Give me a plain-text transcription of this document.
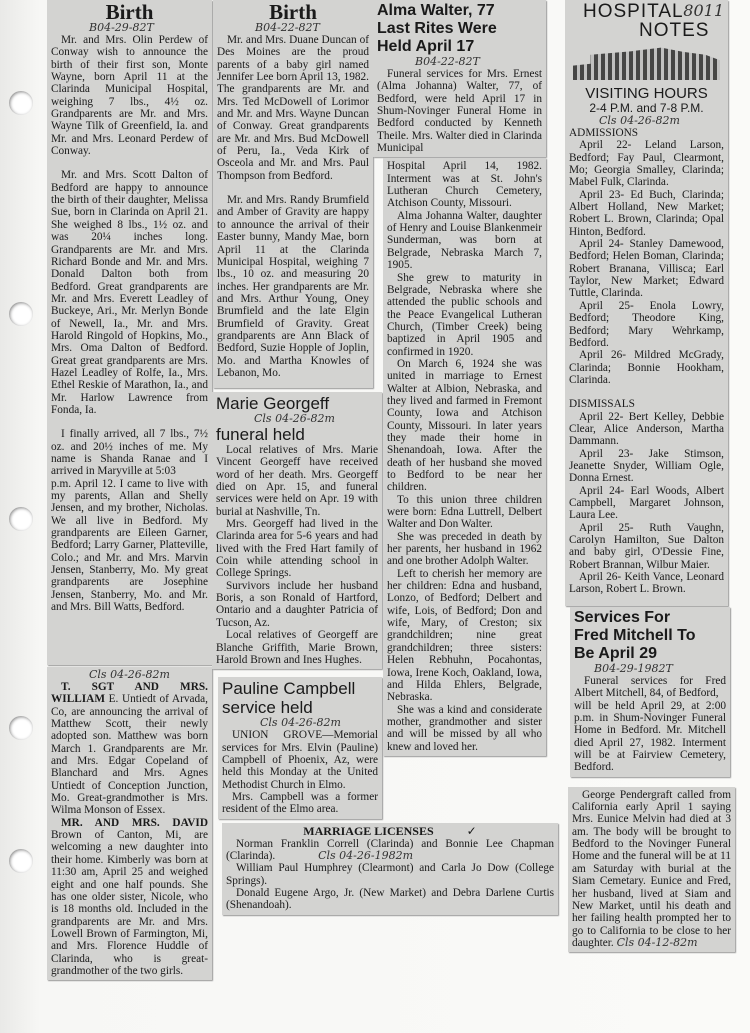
Birth
B04-29-82T

Mr. and Mrs. Olin Perdew of Conway wish to announce the birth of their first son, Monte Wayne, born April 11 at the Clarinda Municipal Hospital, weighing 7 lbs., 4½ oz. Grandparents are Mr. and Mrs. Wayne Tilk of Greenfield, Ia. and Mr. and Mrs. Leonard Perdew of Conway.

Mr. and Mrs. Scott Dalton of Bedford are happy to announce the birth of their daughter, Melissa Sue, born in Clarinda on April 21. She weighed 8 lbs., 1½ oz. and was 20¼ inches long. Grandparents are Mr. and Mrs. Richard Bonde and Mr. and Mrs. Donald Dalton both from Bedford. Great grandparents are Mr. and Mrs. Everett Leadley of Buckeye, Ari., Mr. Merlyn Bonde of Newell, Ia., Mr. and Mrs. Harold Ringold of Hopkins, Mo., Mrs. Oma Dalton of Bedford. Great great grandparents are Mrs. Hazel Leadley of Rolfe, Ia., Mrs. Ethel Reskie of Marathon, Ia., and Mr. Harlow Lawrence from Fonda, Ia.

I finally arrived, all 7 lbs., 7½ oz. and 20½ inches of me. My name is Shanda Ranae and I arrived in Maryville at 5:03

p.m. April 12. I came to live with my parents, Allan and Shelly Jensen, and my brother, Nicholas. We all live in Bedford. My grandparents are Eileen Garner, Bedford; Larry Garner, Platteville, Colo.; and Mr. and Mrs. Marvin Jensen, Stanberry, Mo. My great grandparents are Josephine Jensen, Stanberry, Mo. and Mr. and Mrs. Bill Watts, Bedford.

Cls 04-26-82m

T. SGT AND MRS. WILLIAM E. Untiedt of Arvada, Co, are announcing the arrival of Matthew Scott, their newly adopted son. Matthew was born March 1. Grandparents are Mr. and Mrs. Edgar Copeland of Blanchard and Mrs. Agnes Untiedt of Conception Junction, Mo. Great-grandmother is Mrs. Wilma Monson of Essex.

MR. AND MRS. DAVID Brown of Canton, Mi, are welcoming a new daughter into their home. Kimberly was born at 11:30 am, April 25 and weighed eight and one half pounds. She has one older sister, Nicole, who is 18 months old. Included in the grandparents are Mr. and Mrs. Lowell Brown of Farmington, Mi, and Mrs. Florence Huddle of Clarinda, who is great-grandmother of the two girls.

Birth
B04-22-82T

Mr. and Mrs. Duane Duncan of Des Moines are the proud parents of a baby girl named Jennifer Lee born April 13, 1982. The grandparents are Mr. and Mrs. Ted McDowell of Lorimor and Mr. and Mrs. Wayne Duncan of Conway. Great grandparents are Mr. and Mrs. Bud McDowell of Peru, Ia., Veda Kirk of Osceola and Mr. and Mrs. Paul Thompson from Bedford.

Mr. and Mrs. Randy Brumfield and Amber of Gravity are happy to announce the arrival of their Easter bunny, Mandy Mae, born April 11 at the Clarinda Municipal Hospital, weighing 7 lbs., 10 oz. and measuring 20 inches. Her grandparents are Mr. and Mrs. Arthur Young, Oney Brumfield and the late Elgin Brumfield of Gravity. Great grandparents are Ann Black of Bedford, Suzie Hopple of Joplin, Mo. and Martha Knowles of Lebanon, Mo.

Marie Georgeff
Cls 04-26-82m
funeral held

Local relatives of Mrs. Marie Vincent Georgeff have received word of her death. Mrs. Georgeff died on Apr. 15, and funeral services were held on Apr. 19 with burial at Nashville, Tn.

Mrs. Georgeff had lived in the Clarinda area for 5-6 years and had lived with the Fred Hart family of Coin while attending school in College Springs.

Survivors include her husband Boris, a son Ronald of Hartford, Ontario and a daughter Patricia of Tucson, Az.

Local relatives of Georgeff are Blanche Griffith, Marie Brown, Harold Brown and Ines Hughes.

Pauline Campbell
service held
Cls 04-26-82m

UNION GROVE—Memorial services for Mrs. Elvin (Pauline) Campbell of Phoenix, Az, were held this Monday at the United Methodist Church in Elmo.

Mrs. Campbell was a former resident of the Elmo area.

MARRIAGE LICENSES	✓

Norman Franklin Correll (Clarinda) and Bonnie Lee Chapman (Clarinda).	Cls 04-26-1982m

William Paul Humphrey (Clearmont) and Carla Jo Dow (College Springs).

Donald Eugene Argo, Jr. (New Market) and Debra Darlene Curtis (Shenandoah).

Alma Walter, 77
Last Rites Were
Held April 17
B04-22-82T

Funeral services for Mrs. Ernest (Alma Johanna) Walter, 77, of Bedford, were held April 17 in Shum-Novinger Funeral Home in Bedford conducted by Kenneth Theile. Mrs. Walter died in Clarinda Municipal

Hospital April 14, 1982. Interment was at St. John's Lutheran Church Cemetery, Atchison County, Missouri.

Alma Johanna Walter, daughter of Henry and Louise Blankenmeir Sunderman, was born at Belgrade, Nebraska March 7, 1905.

She grew to maturity in Belgrade, Nebraska where she attended the public schools and the Peace Evangelical Lutheran Church, (Timber Creek) being baptized in April 1905 and confirmed in 1920.

On March 6, 1924 she was united in marriage to Ernest Walter at Albion, Nebraska, and they lived and farmed in Fremont County, Iowa and Atchison County, Missouri. In later years they made their home in Shenandoah, Iowa. After the death of her husband she moved to Bedford to be near her children.

To this union three children were born: Edna Luttrell, Delbert Walter and Don Walter.

She was preceded in death by her parents, her husband in 1962 and one brother Adolph Walter.

Left to cherish her memory are her children: Edna and husband, Lonzo, of Bedford; Delbert and wife, Lois, of Bedford; Don and wife, Mary, of Creston; six grandchildren; nine great grandchildren; three sisters: Helen Rebhuhn, Pocahontas, Iowa, Irene Koch, Oakland, Iowa, and Hilda Ehlers, Belgrade, Nebraska.

She was a kind and considerate mother, grandmother and sister and will be missed by all who knew and loved her.

8011
HOSPITAL
NOTES
VISITING HOURS
2-4 P.M. and 7-8 P.M.
Cls 04-26-82m

ADMISSIONS

April 22- Leland Larson, Bedford; Fay Paul, Clearmont, Mo; Georgia Smalley, Clarinda; Mabel Fulk, Clarinda.

April 23- Ed Buch, Clarinda; Albert Holland, New Market; Robert L. Brown, Clarinda; Opal Hinton, Bedford.

April 24- Stanley Damewood, Bedford; Helen Boman, Clarinda; Robert Branana, Villisca; Earl Taylor, New Market; Edward Tuttle, Clarinda.

April 25- Enola Lowry, Bedford; Theodore King, Bedford; Mary Wehrkamp, Bedford.

April 26- Mildred McGrady, Clarinda; Bonnie Hookham, Clarinda.

DISMISSALS

April 22- Bert Kelley, Debbie Clear, Alice Anderson, Martha Dammann.

April 23- Jake Stimson, Jeanette Snyder, William Ogle, Donna Ernest.

April 24- Earl Woods, Albert Campbell, Margaret Johnson, Laura Lee.

April 25- Ruth Vaughn, Carolyn Hamilton, Sue Dalton and baby girl, O'Dessie Fine, Robert Brannan, Wilbur Maier.

April 26- Keith Vance, Leonard Larson, Robert L. Brown.

Services For
Fred Mitchell To
Be April 29
B04-29-1982T

Funeral services for Fred Albert Mitchell, 84, of Bedford,

will be held April 29, at 2:00 p.m. in Shum-Novinger Funeral Home in Bedford. Mr. Mitchell died April 27, 1982. Interment will be at Fairview Cemetery, Bedford.

George Pendergraft called from California early April 1 saying Mrs. Eunice Melvin had died at 3 am. The body will be brought to Bedford to the Novinger Funeral Home and the funeral will be at 11 am Saturday with burial at the Siam Cemetary. Eunice and Fred, her husband, lived at Siam and New Market, until his death and her failing health prompted her to go to California to be close to her daughter. Cls 04-12-82m
